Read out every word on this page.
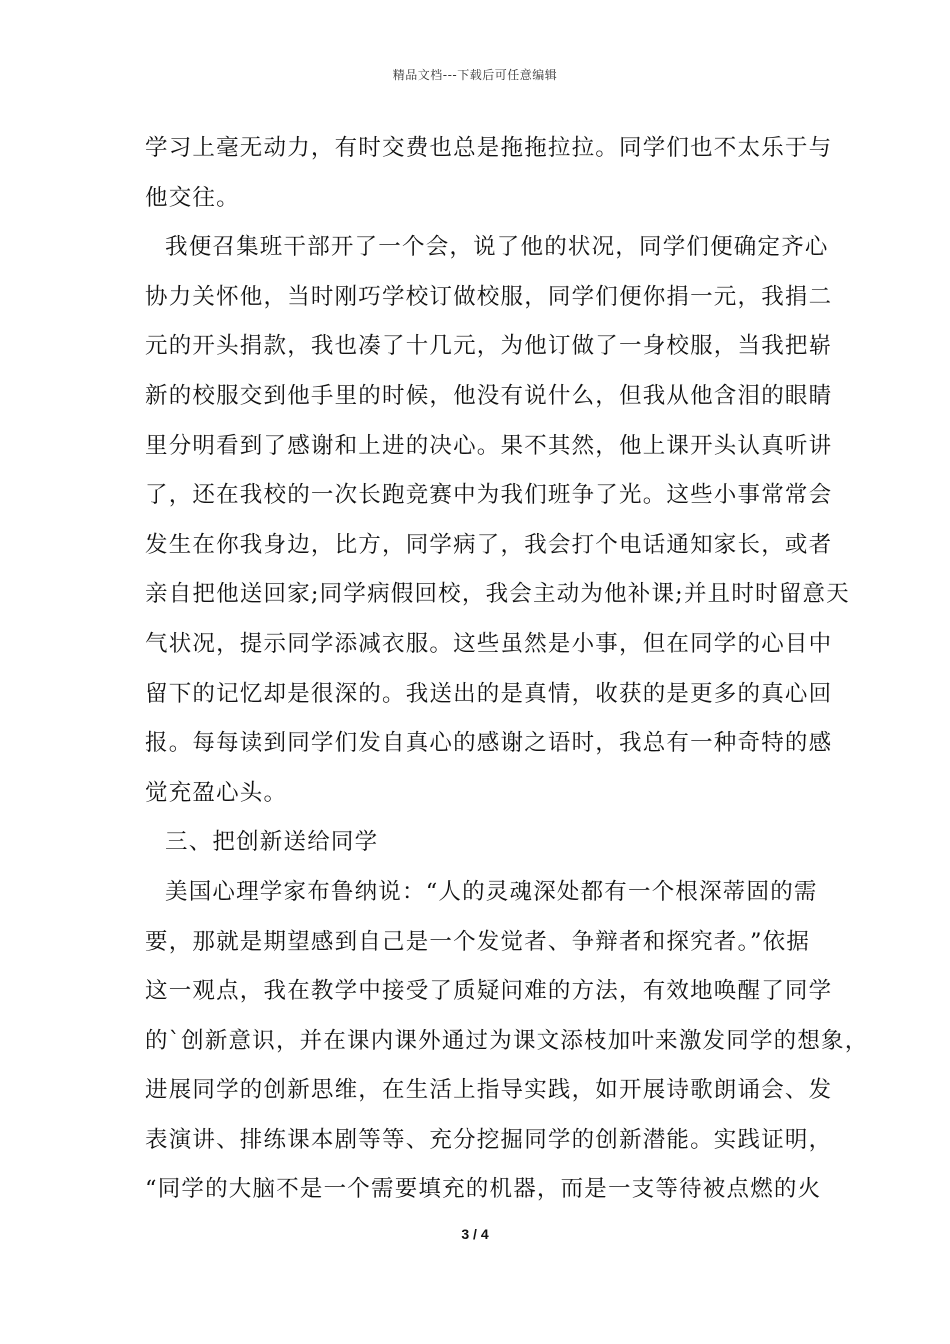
精品文档---下载后可任意编辑
学习上毫无动力，有时交费也总是拖拖拉拉。同学们也不太乐于与
他交往。
我便召集班干部开了一个会，说了他的状况，同学们便确定齐心
协力关怀他，当时刚巧学校订做校服，同学们便你捐一元，我捐二
元的开头捐款，我也凑了十几元，为他订做了一身校服，当我把崭
新的校服交到他手里的时候，他没有说什么，但我从他含泪的眼睛
里分明看到了感谢和上进的决心。果不其然，他上课开头认真听讲
了，还在我校的一次长跑竞赛中为我们班争了光。这些小事常常会
发生在你我身边，比方，同学病了，我会打个电话通知家长，或者
亲自把他送回家;同学病假回校，我会主动为他补课;并且时时留意天
气状况，提示同学添减衣服。这些虽然是小事，但在同学的心目中
留下的记忆却是很深的。我送出的是真情，收获的是更多的真心回
报。每每读到同学们发自真心的感谢之语时，我总有一种奇特的感
觉充盈心头。
三、把创新送给同学
美国心理学家布鲁纳说：“人的灵魂深处都有一个根深蒂固的需
要，那就是期望感到自己是一个发觉者、争辩者和探究者。”依据
这一观点，我在教学中接受了质疑问难的方法，有效地唤醒了同学
的`创新意识，并在课内课外通过为课文添枝加叶来激发同学的想象，
进展同学的创新思维，在生活上指导实践，如开展诗歌朗诵会、发
表演讲、排练课本剧等等、充分挖掘同学的创新潜能。实践证明，
“同学的大脑不是一个需要填充的机器，而是一支等待被点燃的火
3 / 4
